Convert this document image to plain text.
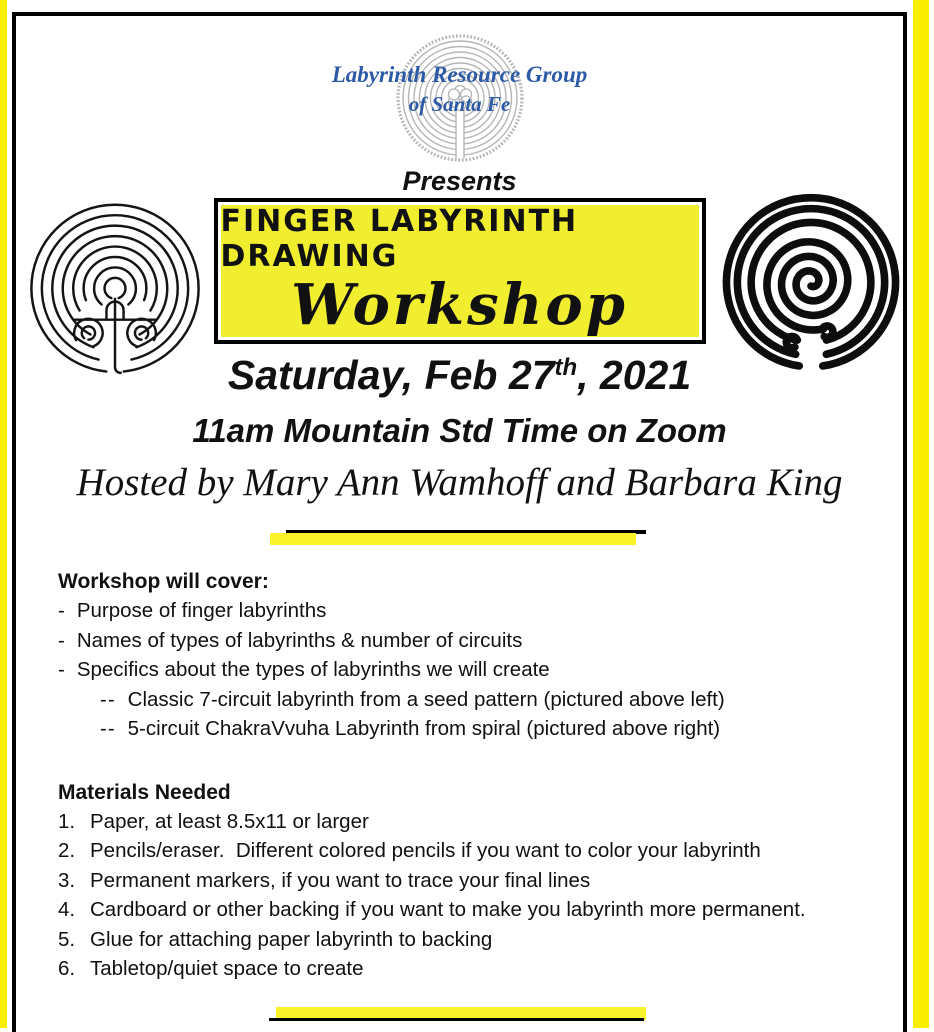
Labyrinth Resource Group
of Santa Fe
Presents
FINGER LABYRINTH DRAWING
Workshop
Saturday, Feb 27th, 2021
11am Mountain Std Time on Zoom
Hosted by Mary Ann Wamhoff and Barbara King
Workshop will cover:
- Purpose of finger labyrinths
- Names of types of labyrinths & number of circuits
- Specifics about the types of labyrinths we will create
-- Classic 7-circuit labyrinth from a seed pattern (pictured above left)
-- 5-circuit ChakraVvuha Labyrinth from spiral (pictured above right)
Materials Needed
1. Paper, at least 8.5x11 or larger
2. Pencils/eraser.  Different colored pencils if you want to color your labyrinth
3. Permanent markers, if you want to trace your final lines
4. Cardboard or other backing if you want to make you labyrinth more permanent.
5. Glue for attaching paper labyrinth to backing
6. Tabletop/quiet space to create
